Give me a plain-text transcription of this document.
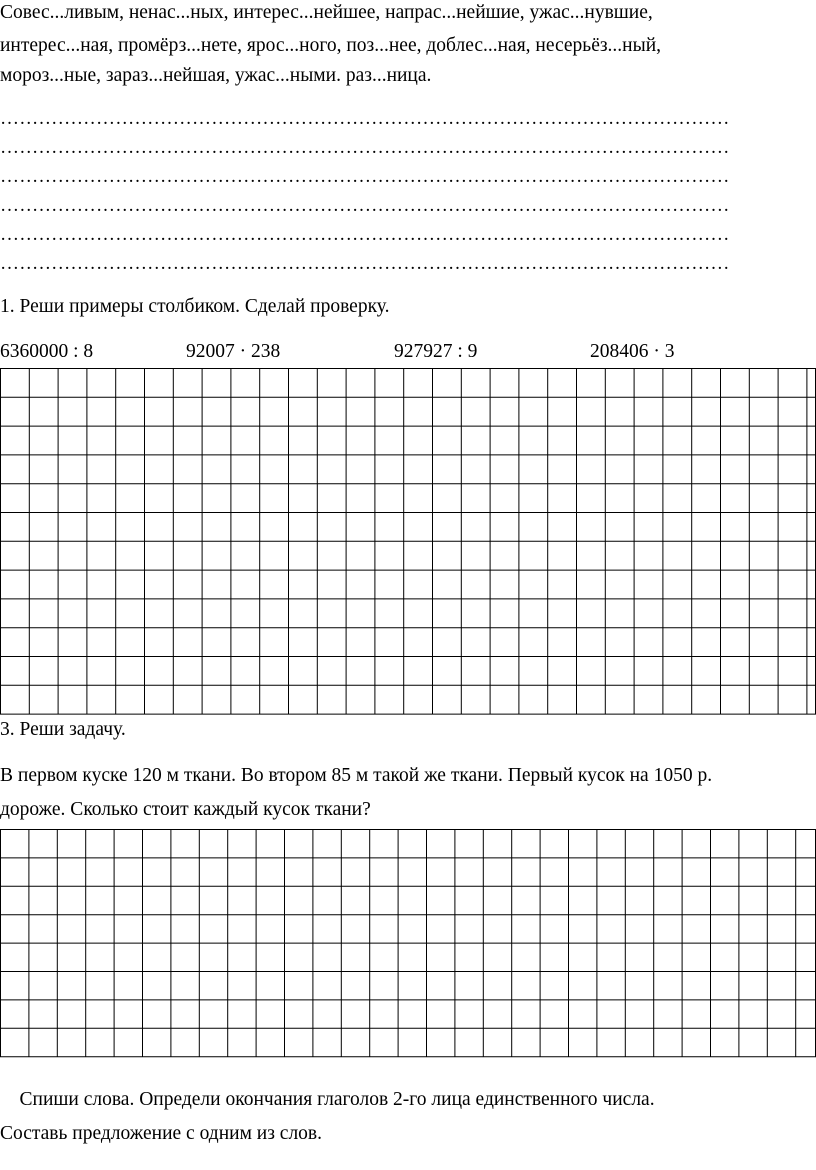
Совес...ливым, ненас...ных, интерес...нейшее, напрас...нейшие, ужас...нувшие,
интерес...ная, промёрз...нете, ярос...ного, поз...нее, доблес...ная, несерьёз...ный,
мороз...ные, зараз...нейшая, ужас...ными. раз...ница.
……………………………………………………………………………………………………
……………………………………………………………………………………………………
……………………………………………………………………………………………………
……………………………………………………………………………………………………
……………………………………………………………………………………………………
……………………………………………………………………………………………………
1. Реши примеры столбиком. Сделай проверку.
6360000 : 8	92007 · 238	927927 : 9	208406 · 3
3. Реши задачу.
В первом куске 120 м ткани. Во втором 85 м такой же ткани. Первый кусок на 1050 р.
дороже. Сколько стоит каждый кусок ткани?
Спиши слова. Определи окончания глаголов 2-го лица единственного числа.
Составь предложение с одним из слов.
